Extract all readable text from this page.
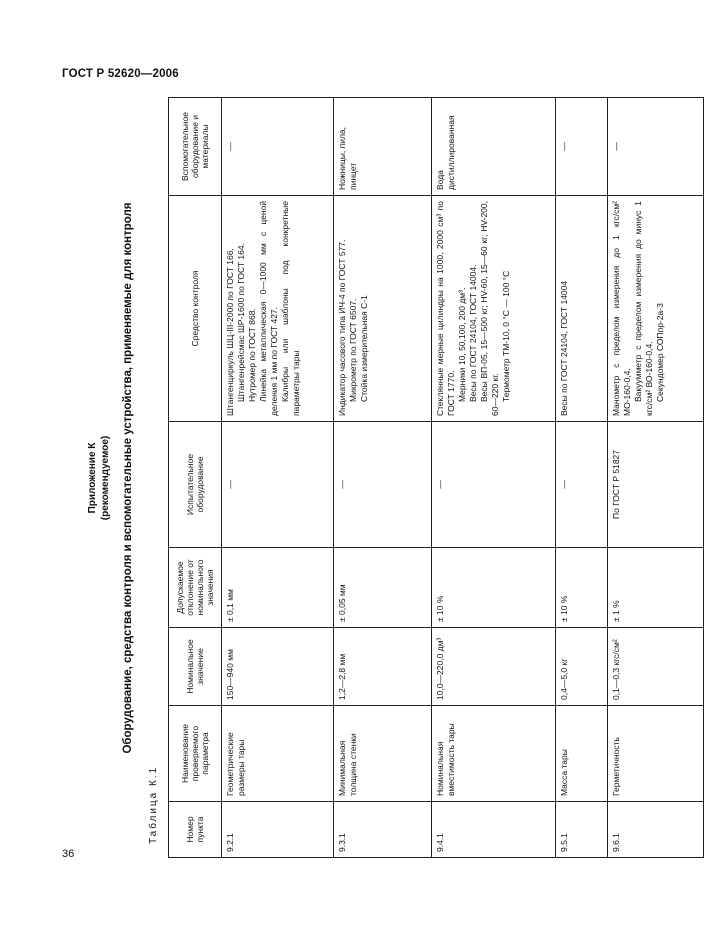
ГОСТ Р 52620—2006
Приложение К (рекомендуемое) Оборудование, средства контроля и вспомогательные устройства, применяемые для контроля
Таблица К.1	Номер пункта	Наименование проверяемого параметра	Номинальное значение	Допускаемое отклонение от номинального значения	Испытательное оборудование	Средство контроля	Вспомогательное оборудование и материалы
9.2.1	Геометрические размеры тары	150—940 мм	± 0,1 мм	—	Штангенциркуль ШЦ-III-2000 по ГОСТ 166. Штангенрейсмас ШР-1600 по ГОСТ 164. Нутромер по ГОСТ 868. Линейка металлическая 0—1000 мм с ценой деления 1 мм по ГОСТ 427. Калибры или шаблоны под конкретные параметры тары	—
9.3.1	Минимальная толщина стенки	1,2—2,8 мм	± 0,05 мм	—	Индикатор часового типа ИЧ-4 по ГОСТ 577. Микрометр по ГОСТ 6507. Стойка измерительная С-1	Ножницы, пила, пинцет
9.4.1	Номинальная вместимость тары	10,0—220,0 дм³	± 10 %	—	Стеклянные мерные цилиндры на 1000, 2000 см³ по ГОСТ 1770. Мерники 10, 50,100, 200 дм³. Весы по ГОСТ 24104, ГОСТ 14004. Весы ВП-05, 15—500 кг; HV-60, 15—60 кг; HV-200, 60—220 кг. Термометр ТМ-10, 0 °С — 100 °С	Вода дистиллированная
9.5.1	Масса тары	0,4—5,0 кг	± 10 %	—	Весы по ГОСТ 24104, ГОСТ 14004	—
9.6.1	Герметичность	0,1—0,3 кгс/см²	± 1 %	По ГОСТ Р 51827	Манометр с пределом измерения до 1 кгс/см² МО-160-0,4. Вакуумметр с пределом измерения до минус 1 кгс/см² ВО-160-0,4. Секундомер СОПпр-2а-3	—
36
